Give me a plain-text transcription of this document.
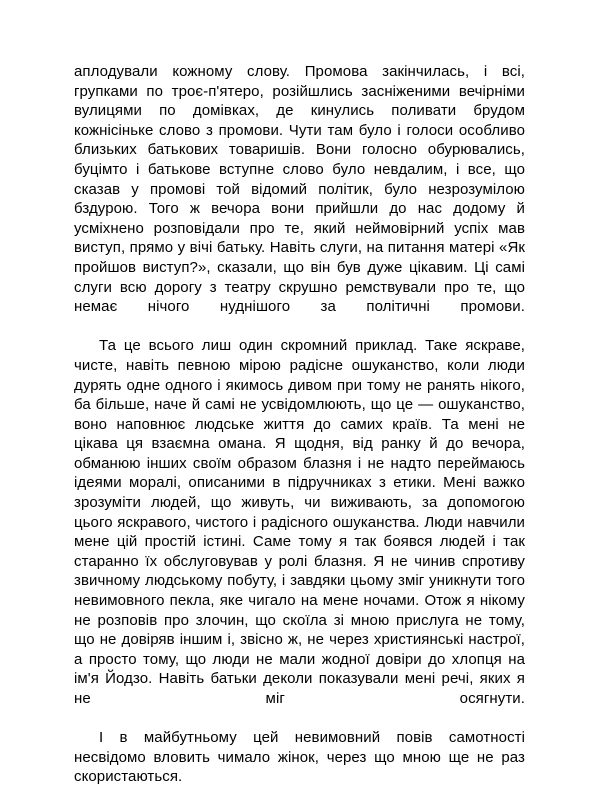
аплодували кожному слову. Промова закінчилась, і всі, групками по троє-п'ятеро, розійшлись засніженими вечірніми вулицями по домівках, де кинулись поливати брудом кожнісіньке слово з промови. Чути там було і голоси особливо близьких батькових товаришів. Вони голосно обурювались, буцімто і батькове вступне слово було невдалим, і все, що сказав у промові той відомий політик, було незрозумілою бздурою. Того ж вечора вони прийшли до нас додому й усміхнено розповідали про те, який неймовірний успіх мав виступ, прямо у вічі батьку. Навіть слуги, на питання матері «Як пройшов виступ?», сказали, що він був дуже цікавим. Ці самі слуги всю дорогу з театру скрушно ремствували про те, що немає нічого нуднішого за політичні промови.

Та це всього лиш один скромний приклад. Таке яскраве, чисте, навіть певною мірою радісне ошуканство, коли люди дурять одне одного і якимось дивом при тому не ранять нікого, ба більше, наче й самі не усвідомлюють, що це — ошуканство, воно наповнює людське життя до самих країв. Та мені не цікава ця взаємна омана. Я щодня, від ранку й до вечора, обманюю інших своїм образом блазня і не надто переймаюсь ідеями моралі, описаними в підручниках з етики. Мені важко зрозуміти людей, що живуть, чи виживають, за допомогою цього яскравого, чистого і радісного ошуканства. Люди навчили мене цій простій істині. Саме тому я так боявся людей і так старанно їх обслуговував у ролі блазня. Я не чинив спротиву звичному людському побуту, і завдяки цьому зміг уникнути того невимовного пекла, яке чигало на мене ночами. Отож я нікому не розповів про злочин, що скоїла зі мною прислуга не тому, що не довіряв іншим і, звісно ж, не через християнські настрої, а просто тому, що люди не мали жодної довіри до хлопця на ім'я Йодзо. Навіть батьки деколи показували мені речі, яких я не міг осягнути.

І в майбутньому цей невимовний повів самотності несвідомо вловить чимало жінок, через що мною ще не раз скористаються.
